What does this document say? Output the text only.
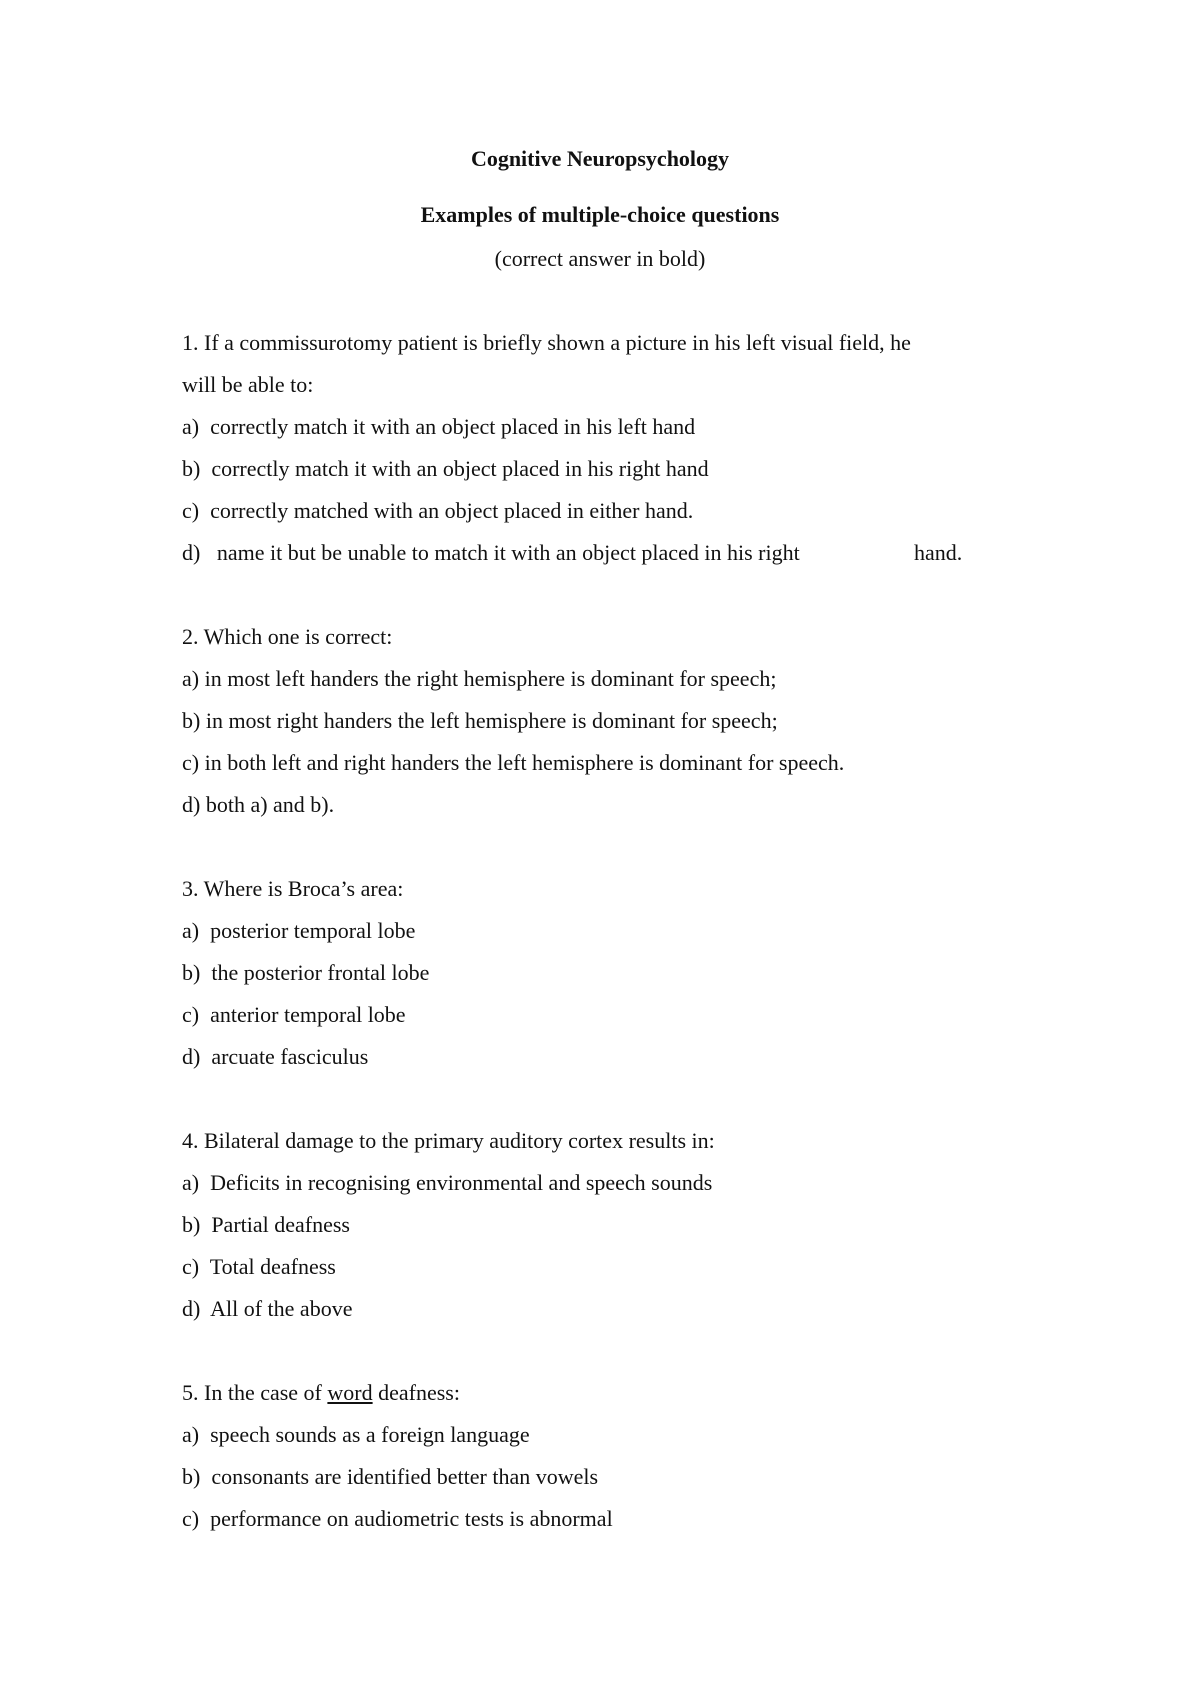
Cognitive Neuropsychology

Examples of multiple-choice questions

(correct answer in bold)

1. If a commissurotomy patient is briefly shown a picture in his left visual field, he

will be able to:

a)  correctly match it with an object placed in his left hand

b)  correctly match it with an object placed in his right hand

c)  correctly matched with an object placed in either hand.

d)   name it but be unable to match it with an object placed in his right	hand.

2. Which one is correct:

a) in most left handers the right hemisphere is dominant for speech;

b) in most right handers the left hemisphere is dominant for speech;

c) in both left and right handers the left hemisphere is dominant for speech.

d) both a) and b).

3. Where is Broca’s area:

a)  posterior temporal lobe

b)  the posterior frontal lobe

c)  anterior temporal lobe

d)  arcuate fasciculus

4. Bilateral damage to the primary auditory cortex results in:

a)  Deficits in recognising environmental and speech sounds

b)  Partial deafness

c)  Total deafness

d)  All of the above

5. In the case of word deafness:

a)  speech sounds as a foreign language

b)  consonants are identified better than vowels

c)  performance on audiometric tests is abnormal
